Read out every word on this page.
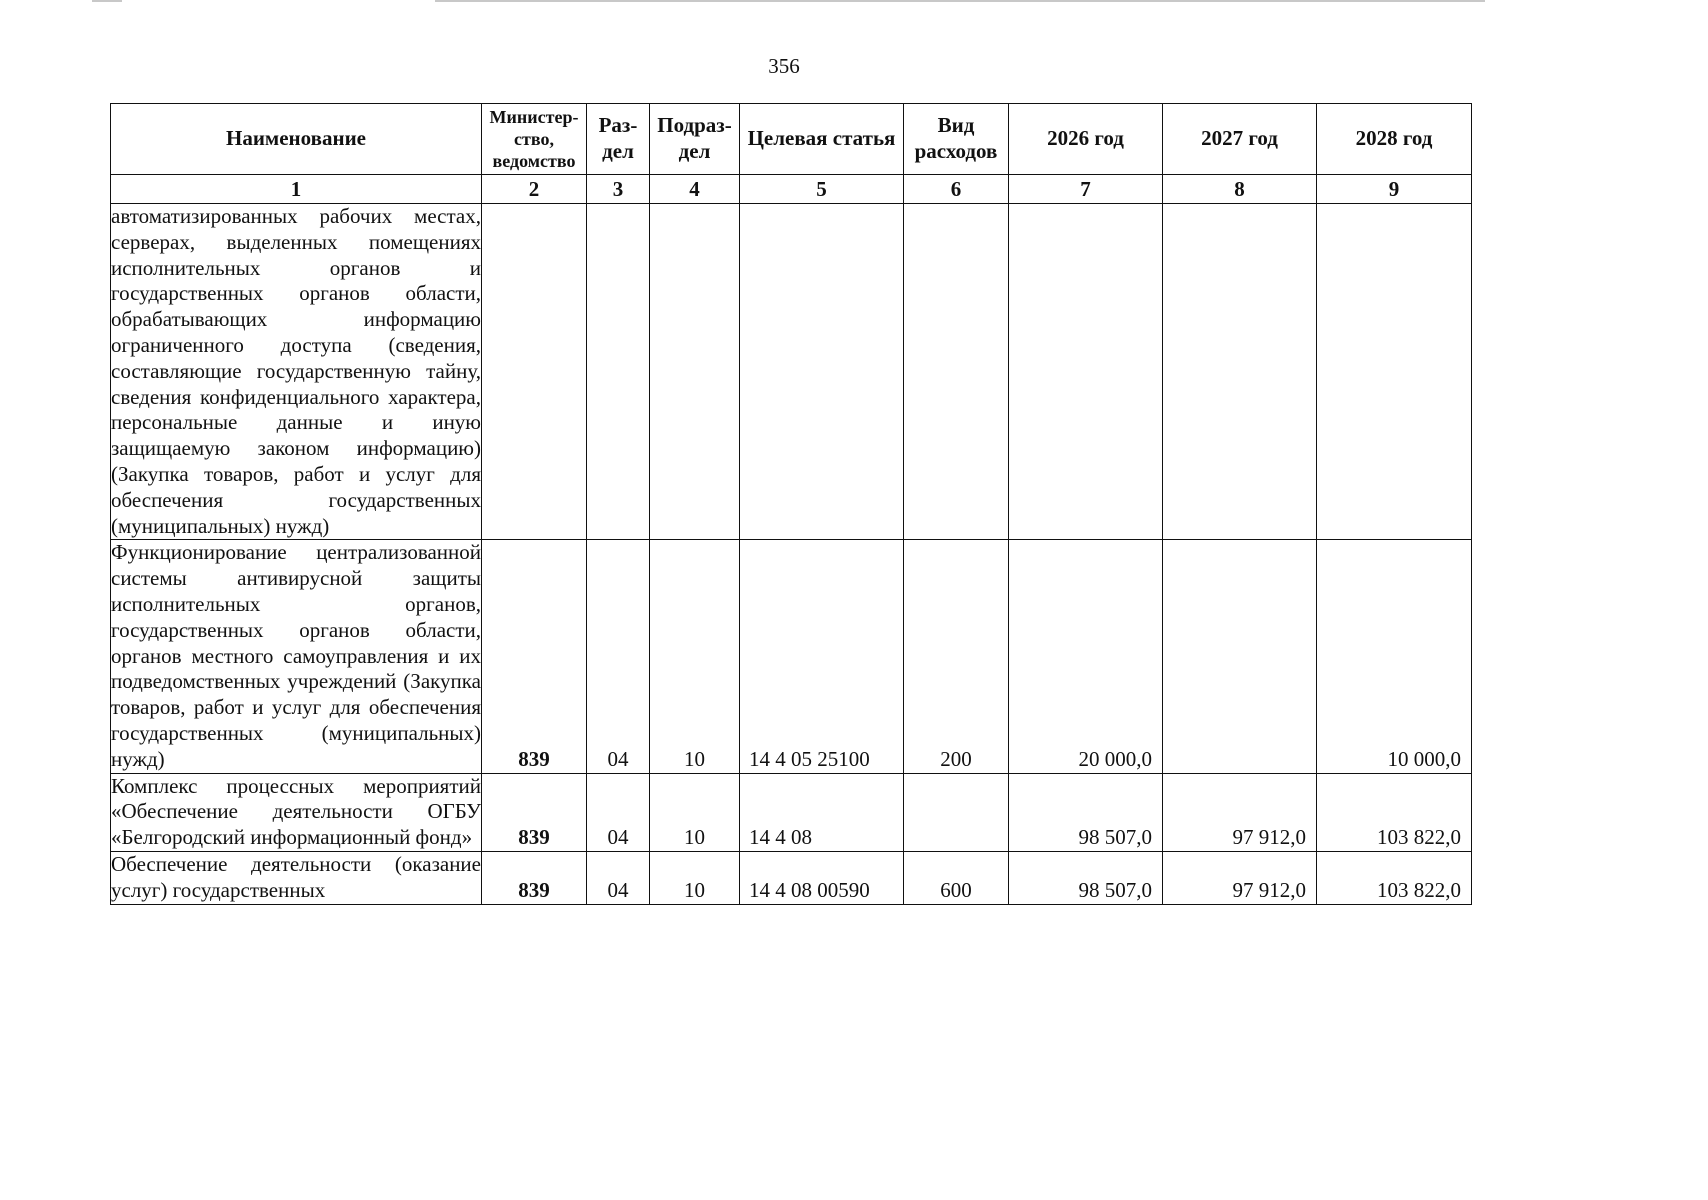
356
Наименование	Министер-ство, ведомство	Раз-дел	Подраз-дел	Целевая статья	Вид расходов	2026 год	2027 год	2028 год
1	2	3	4	5	6	7	8	9
автоматизированных рабочих местах, серверах, выделенных помещениях исполнительных органов и государственных органов области, обрабатывающих информацию ограниченного доступа (сведения, составляющие государственную тайну, сведения конфиденциального характера, персональные данные и иную защищаемую законом информацию) (Закупка товаров, работ и услуг для обеспечения государственных (муниципальных) нужд)								
Функционирование централизованной системы антивирусной защиты исполнительных органов, государственных органов области, органов местного самоуправления и их подведомственных учреждений (Закупка товаров, работ и услуг для обеспечения государственных (муниципальных) нужд)	839	04	10	14 4 05 25100	200	20 000,0		10 000,0
Комплекс процессных мероприятий «Обеспечение деятельности ОГБУ «Белгородский информационный фонд»	839	04	10	14 4 08		98 507,0	97 912,0	103 822,0
Обеспечение деятельности (оказание услуг) государственных	839	04	10	14 4 08 00590	600	98 507,0	97 912,0	103 822,0
